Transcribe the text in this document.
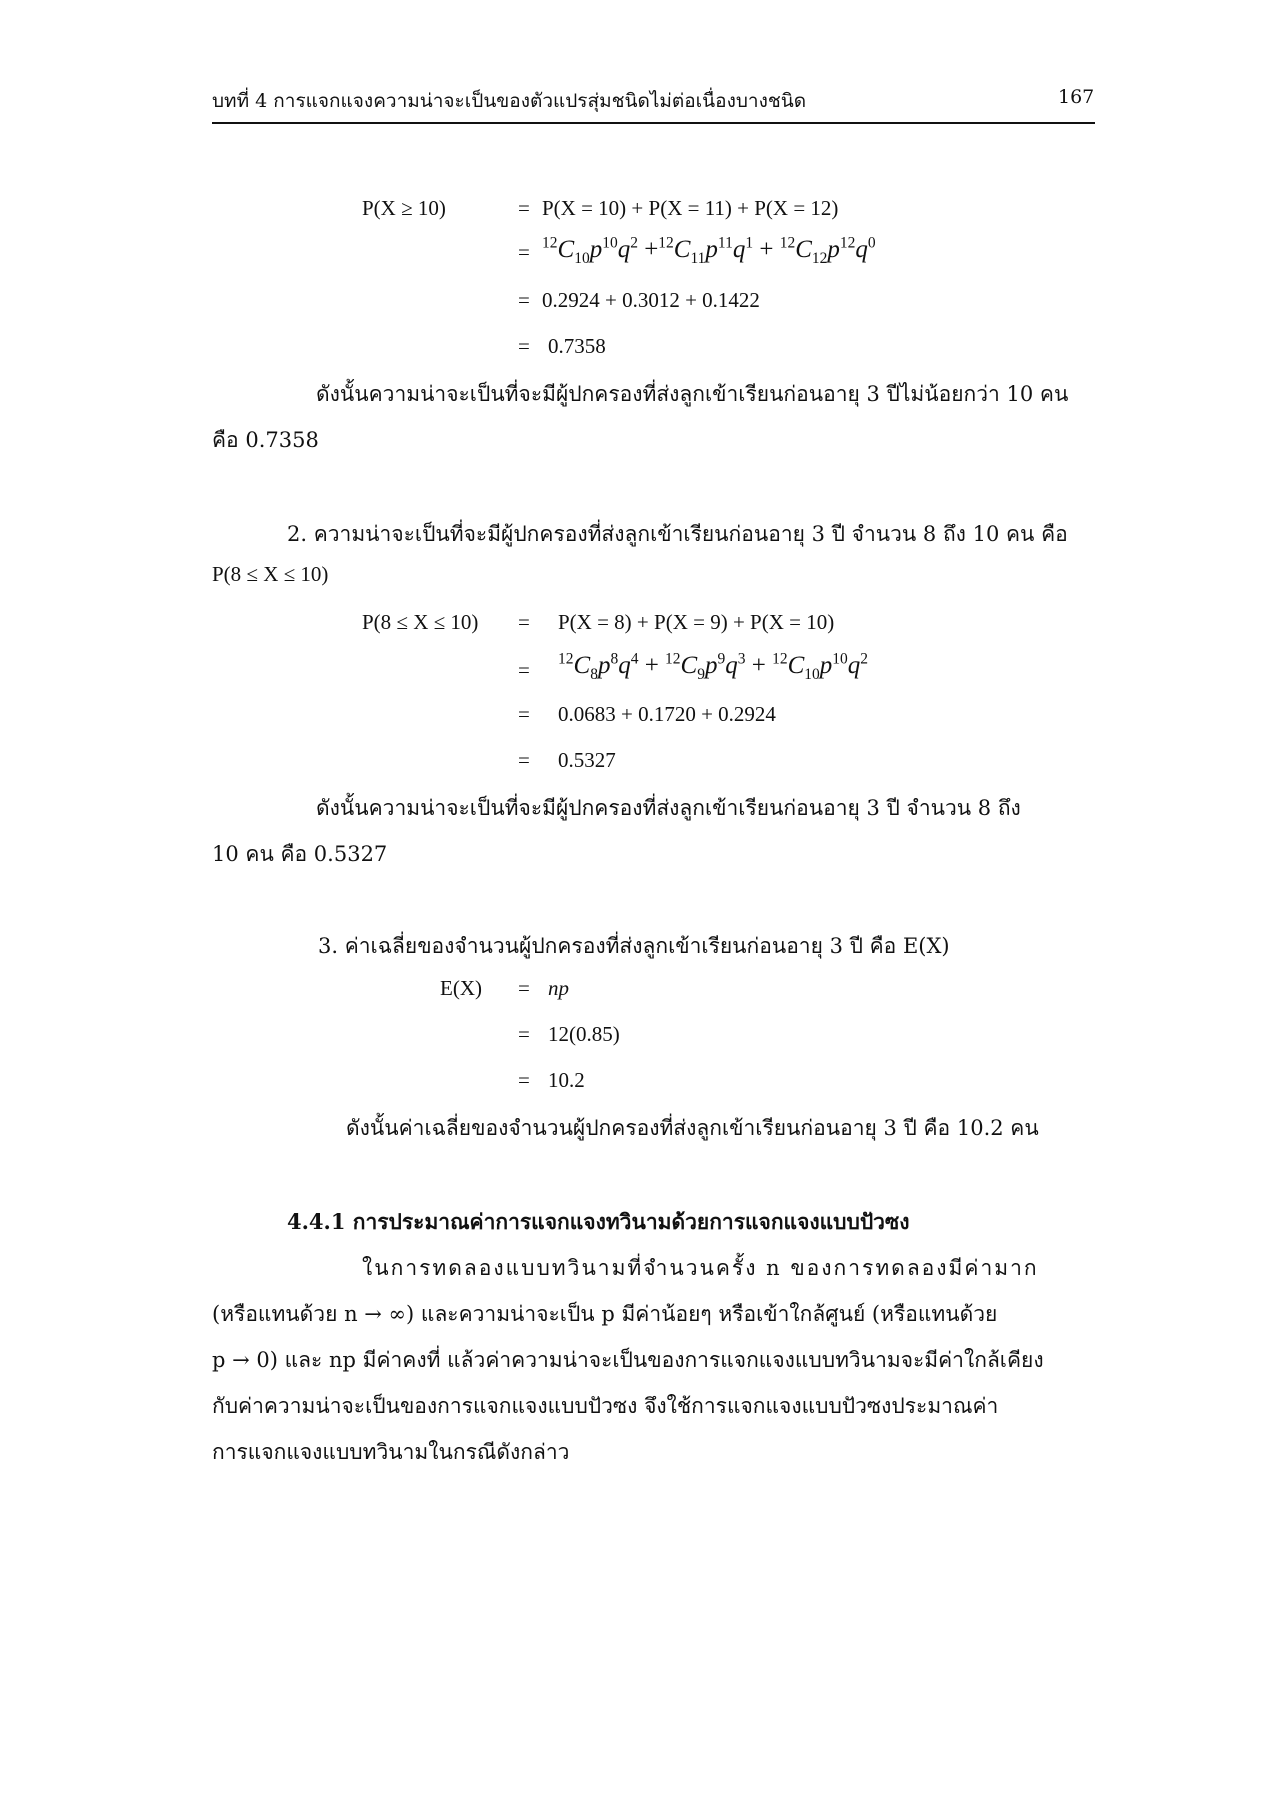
บทที่ 4 การแจกแจงความน่าจะเป็นของตัวแปรสุ่มชนิดไม่ต่อเนื่องบางชนิด	167
P(X ≥ 10)	= P(X = 10) + P(X = 11) + P(X = 12)
= $^{12}C_{10}p^{10}q^2 +^{12}C_{11}p^{11}q^1 + ^{12}C_{12}p^{12}q^0$
= 0.2924 + 0.3012 + 0.1422
= 0.7358
ดังนั้นความน่าจะเป็นที่จะมีผู้ปกครองที่ส่งลูกเข้าเรียนก่อนอายุ 3 ปีไม่น้อยกว่า 10 คน
คือ 0.7358
2. ความน่าจะเป็นที่จะมีผู้ปกครองที่ส่งลูกเข้าเรียนก่อนอายุ 3 ปี จำนวน 8 ถึง 10 คน คือ
P(8 ≤ X ≤ 10)
P(8 ≤ X ≤ 10) = P(X = 8) + P(X = 9) + P(X = 10)
= $^{12}C_8p^8q^4 + ^{12}C_9p^9q^3 + ^{12}C_{10}p^{10}q^2$
= 0.0683 + 0.1720 + 0.2924
= 0.5327
ดังนั้นความน่าจะเป็นที่จะมีผู้ปกครองที่ส่งลูกเข้าเรียนก่อนอายุ 3 ปี จำนวน 8 ถึง
10 คน คือ 0.5327
3. ค่าเฉลี่ยของจำนวนผู้ปกครองที่ส่งลูกเข้าเรียนก่อนอายุ 3 ปี คือ E(X)
E(X) = np
= 12(0.85)
= 10.2
ดังนั้นค่าเฉลี่ยของจำนวนผู้ปกครองที่ส่งลูกเข้าเรียนก่อนอายุ 3 ปี คือ 10.2 คน
4.4.1 การประมาณค่าการแจกแจงทวินามด้วยการแจกแจงแบบปัวซง
ในการทดลองแบบทวินามที่จำนวนครั้ง n ของการทดลองมีค่ามาก
(หรือแทนด้วย n → ∞) และความน่าจะเป็น p มีค่าน้อยๆ หรือเข้าใกล้ศูนย์ (หรือแทนด้วย
p → 0) และ np มีค่าคงที่ แล้วค่าความน่าจะเป็นของการแจกแจงแบบทวินามจะมีค่าใกล้เคียง
กับค่าความน่าจะเป็นของการแจกแจงแบบปัวซง จึงใช้การแจกแจงแบบปัวซงประมาณค่า
การแจกแจงแบบทวินามในกรณีดังกล่าว
